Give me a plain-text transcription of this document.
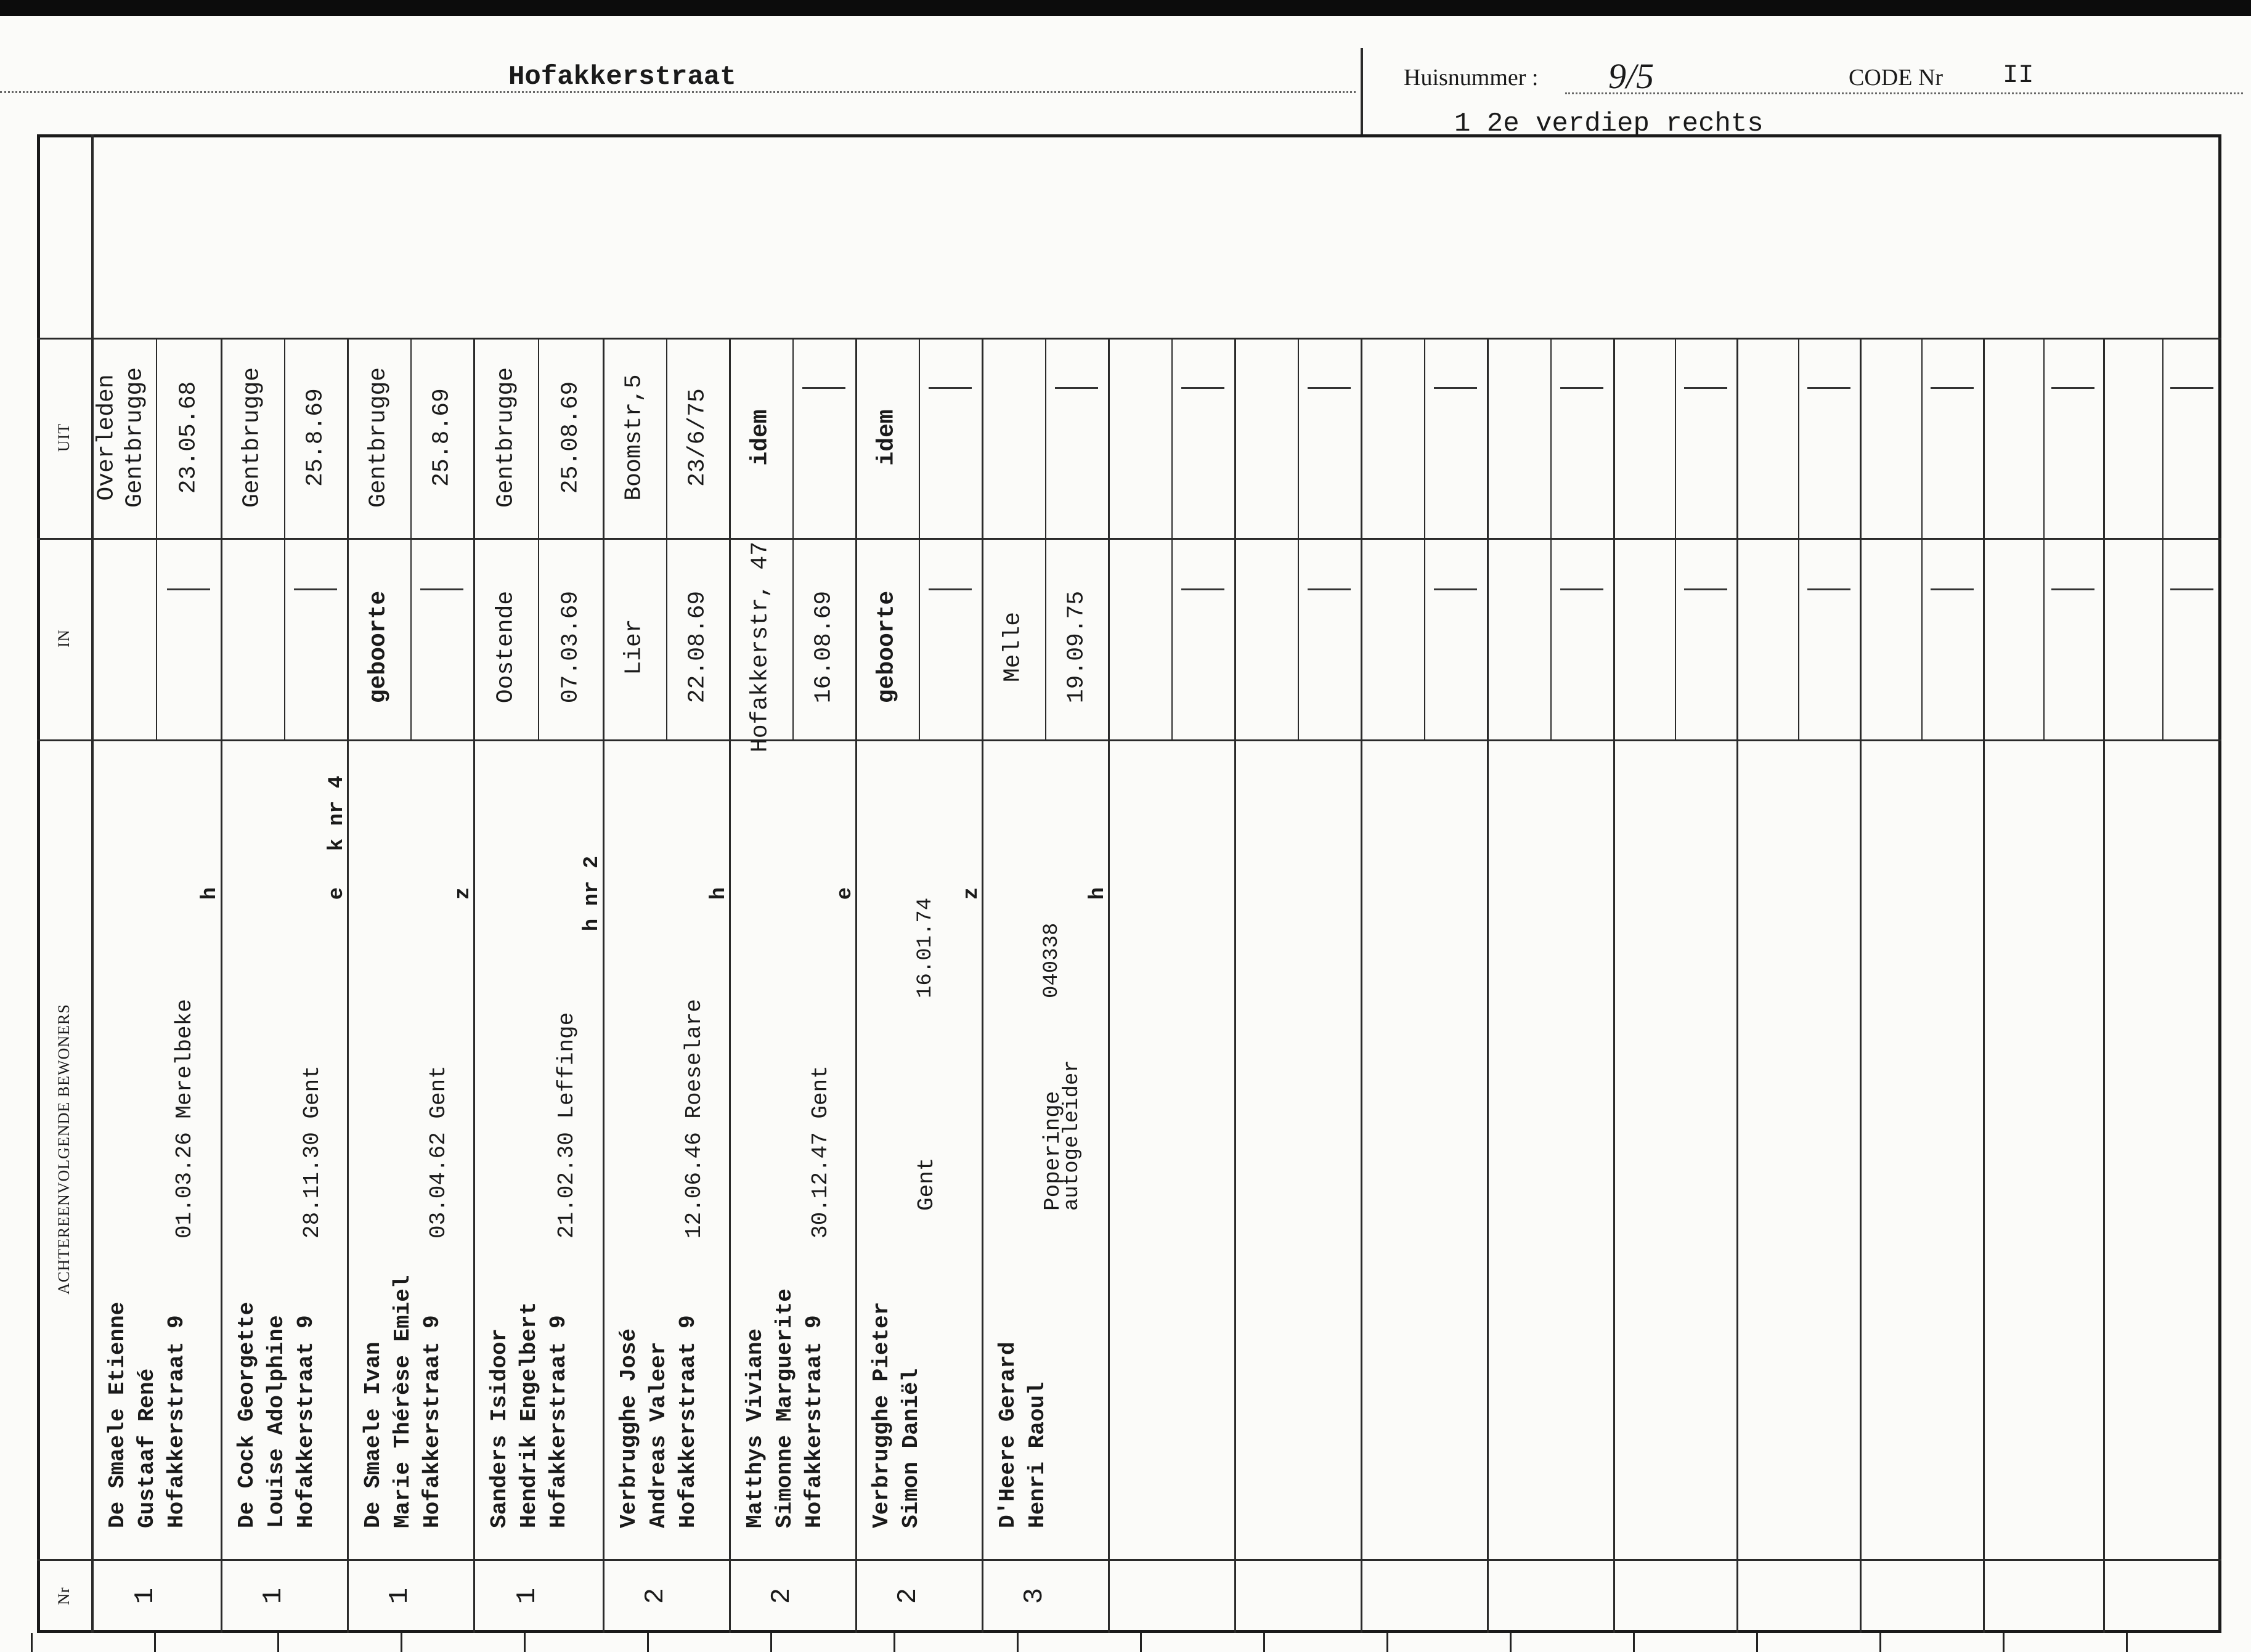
Hofakkerstraat	Huisnummer : 9/5	CODE Nr II
1 2e verdiep rechts
UIT
IN
ACHTEREENVOLGENDE BEWONERS
Nr 1
De Smaele Etienne Gustaaf René Hofakkerstraat 9
01.03.26 Merelbeke
h
Overleden Gentbrugge 23.05.68
1
De Cock Georgette Louise Adolphine Hofakkerstraat 9
28.11.30 Gent
e
k nr 4
Gentbrugge 25.8.69
1
De Smaele Ivan Marie Thérèse Emiel Hofakkerstraat 9
03.04.62 Gent
z
geboorte
Gentbrugge 25.8.69
1
Sanders Isidoor Hendrik Engelbert Hofakkerstraat 9
21.02.30 Leffinge
h nr 2
Oostende 07.03.69
Gentbrugge 25.08.69
2
Verbrugghe José Andreas Valeer Hofakkerstraat 9
12.06.46 Roeselare
h
Lier 22.08.69
Boomstr,5 23/6/75
2
Matthys Viviane Simonne Marguerite Hofakkerstraat 9
30.12.47 Gent
e
Hofakkerstr, 47 16.08.69
idem
2
Verbrugghe Pieter Simon Daniël
Gent
16.01.74
z
geboorte
idem
3
D'Heere Gerard Henri Raoul
Poperinge
040338
autogeleider
h
Melle 19.09.75
